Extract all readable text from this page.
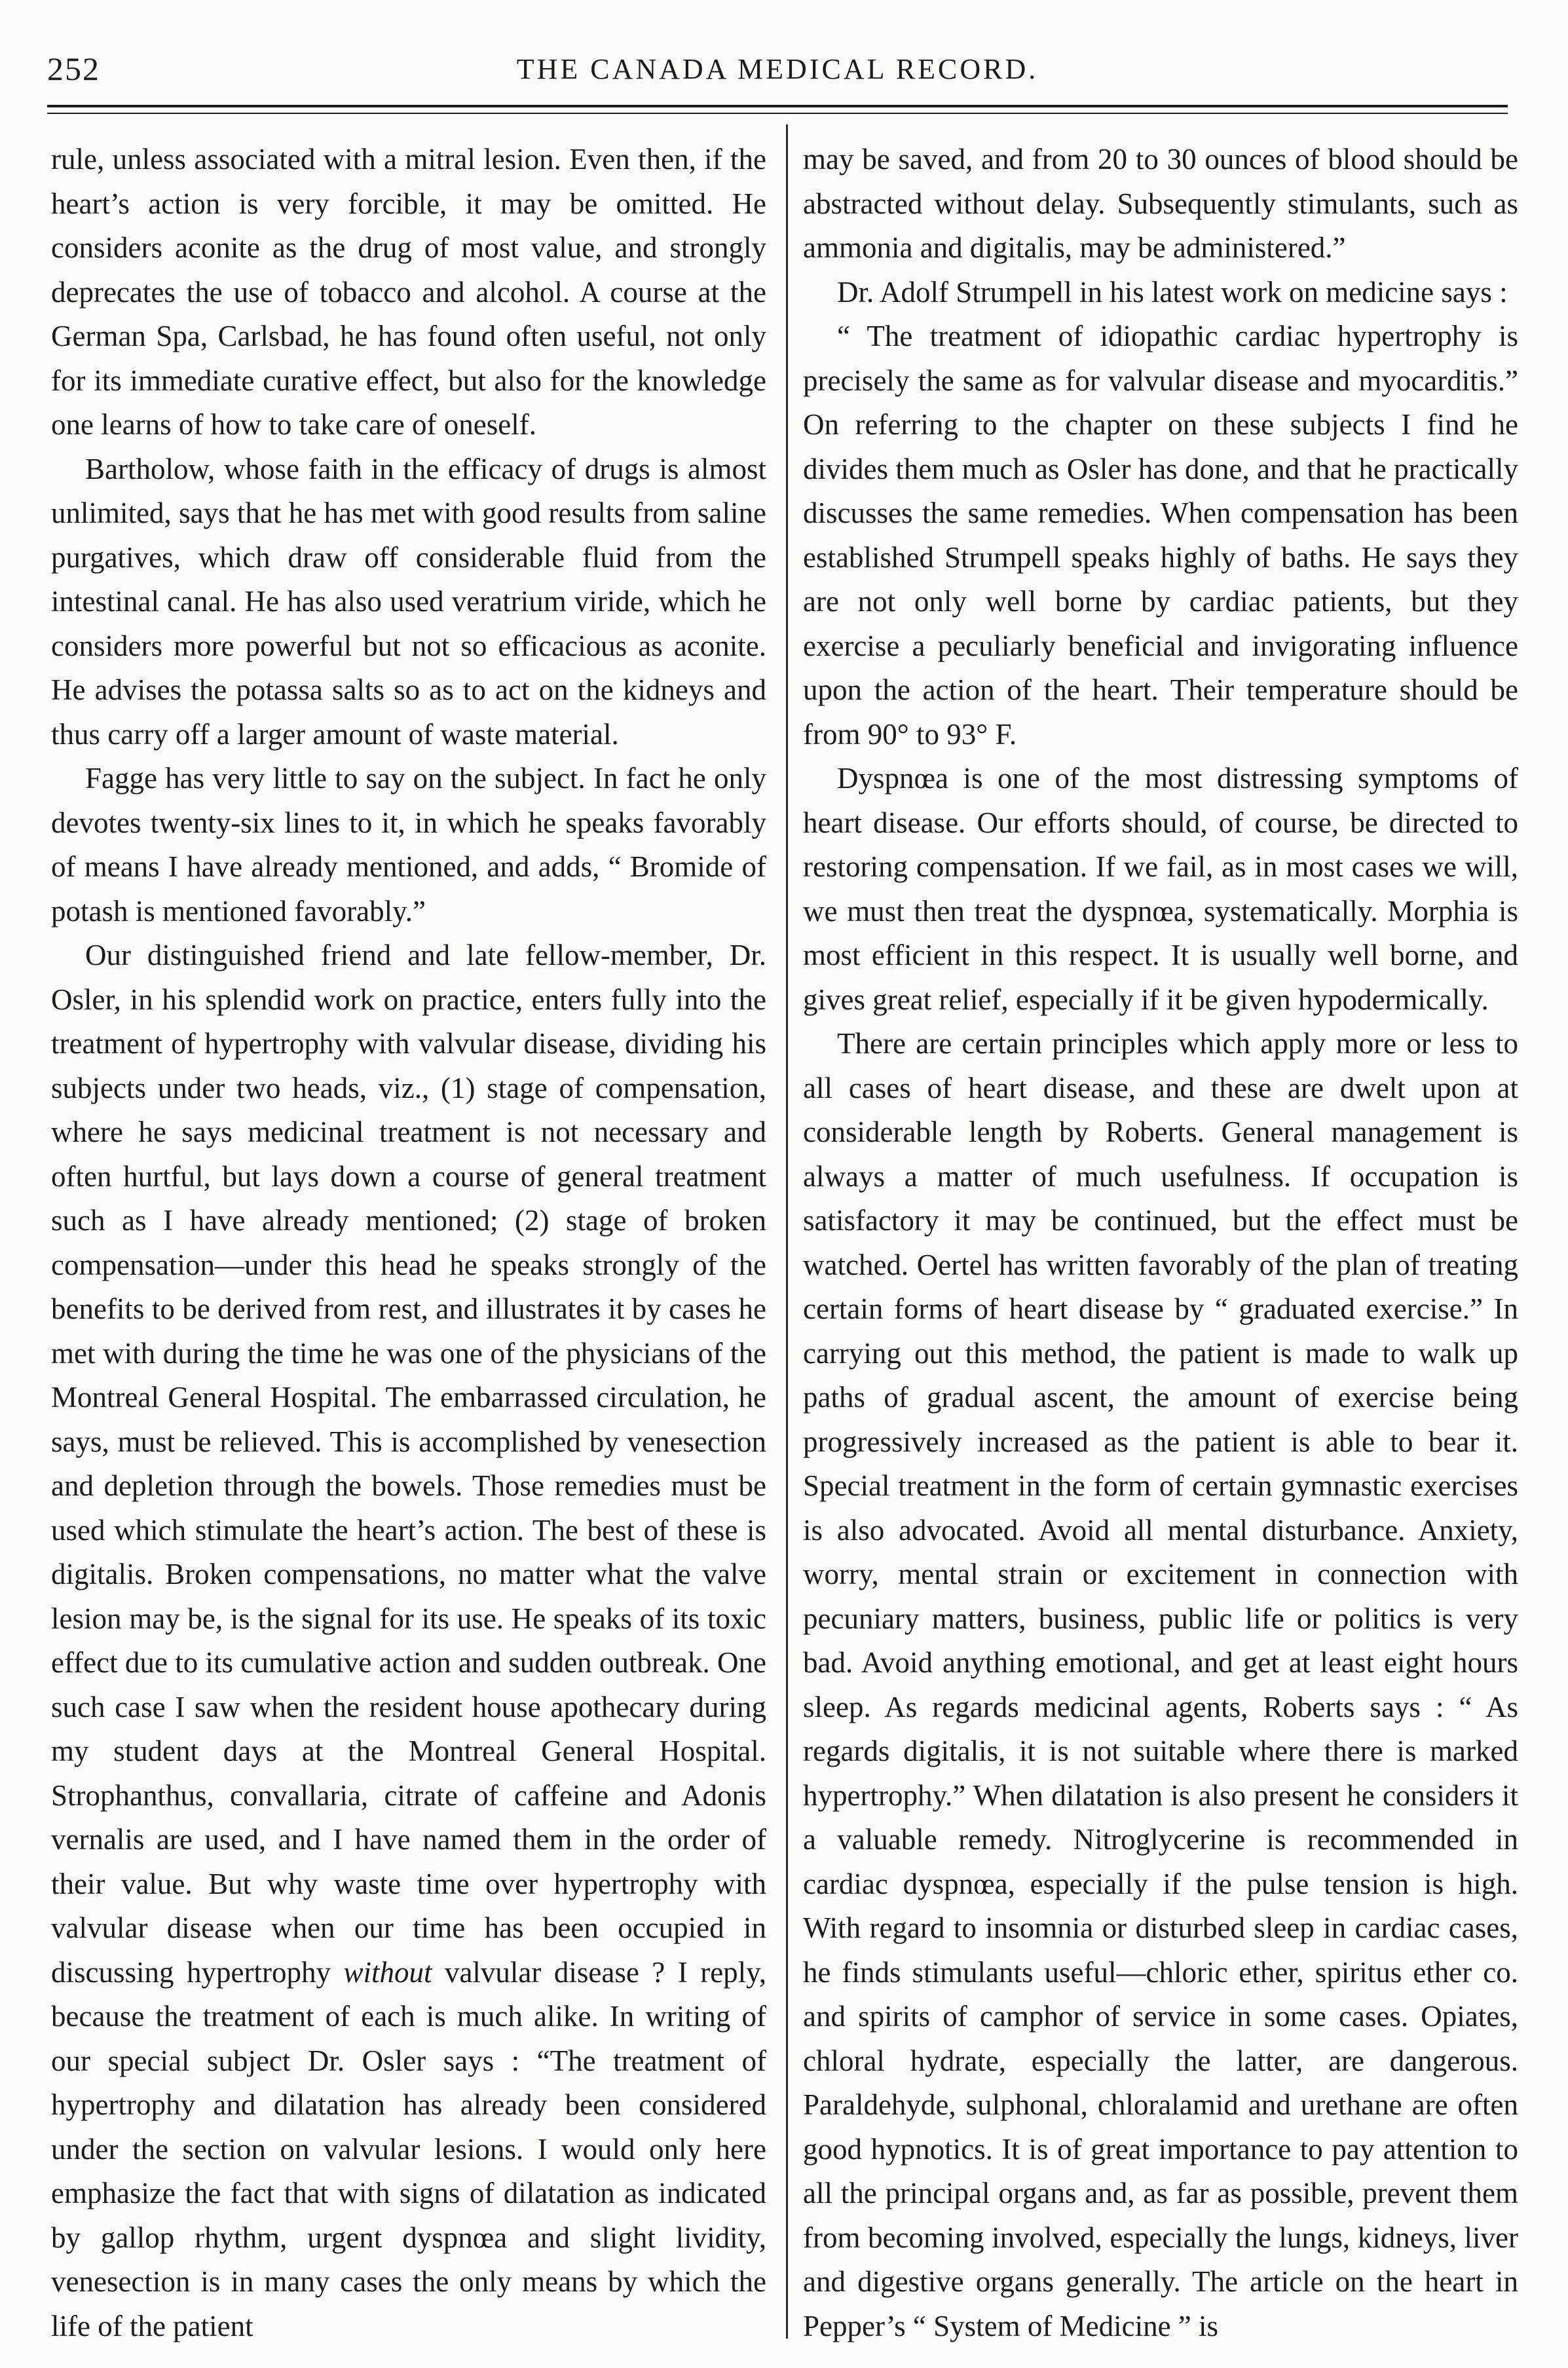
252	THE CANADA MEDICAL RECORD.

rule, unless associated with a mitral lesion. Even then, if the heart’s action is very forcible, it may be omitted. He considers aconite as the drug of most value, and strongly deprecates the use of tobacco and alcohol. A course at the German Spa, Carlsbad, he has found often useful, not only for its immediate curative effect, but also for the knowledge one learns of how to take care of oneself.

Bartholow, whose faith in the efficacy of drugs is almost unlimited, says that he has met with good results from saline purgatives, which draw off considerable fluid from the intestinal canal. He has also used veratrium viride, which he considers more powerful but not so efficacious as aconite. He advises the potassa salts so as to act on the kidneys and thus carry off a larger amount of waste material.

Fagge has very little to say on the subject. In fact he only devotes twenty-six lines to it, in which he speaks favorably of means I have already mentioned, and adds, “ Bromide of potash is mentioned favorably.”

Our distinguished friend and late fellow-member, Dr. Osler, in his splendid work on practice, enters fully into the treatment of hypertrophy with valvular disease, dividing his subjects under two heads, viz., (1) stage of compensation, where he says medicinal treatment is not necessary and often hurtful, but lays down a course of general treatment such as I have already mentioned; (2) stage of broken compensation—under this head he speaks strongly of the benefits to be derived from rest, and illustrates it by cases he met with during the time he was one of the physicians of the Montreal General Hospital. The embarrassed circulation, he says, must be relieved. This is accomplished by venesection and depletion through the bowels. Those remedies must be used which stimulate the heart’s action. The best of these is digitalis. Broken compensations, no matter what the valve lesion may be, is the signal for its use. He speaks of its toxic effect due to its cumulative action and sudden outbreak. One such case I saw when the resident house apothecary during my student days at the Montreal General Hospital. Strophanthus, convallaria, citrate of caffeine and Adonis vernalis are used, and I have named them in the order of their value. But why waste time over hypertrophy with valvular disease when our time has been occupied in discussing hypertrophy without valvular disease ? I reply, because the treatment of each is much alike. In writing of our special subject Dr. Osler says : “The treatment of hypertrophy and dilatation has already been considered under the section on valvular lesions. I would only here emphasize the fact that with signs of dilatation as indicated by gallop rhythm, urgent dyspnœa and slight lividity, venesection is in many cases the only means by which the life of the patient

may be saved, and from 20 to 30 ounces of blood should be abstracted without delay. Subsequently stimulants, such as ammonia and digitalis, may be administered.”

Dr. Adolf Strumpell in his latest work on medicine says :

“ The treatment of idiopathic cardiac hypertrophy is precisely the same as for valvular disease and myocarditis.” On referring to the chapter on these subjects I find he divides them much as Osler has done, and that he practically discusses the same remedies. When compensation has been established Strumpell speaks highly of baths. He says they are not only well borne by cardiac patients, but they exercise a peculiarly beneficial and invigorating influence upon the action of the heart. Their temperature should be from 90° to 93° F.

Dyspnœa is one of the most distressing symptoms of heart disease. Our efforts should, of course, be directed to restoring compensation. If we fail, as in most cases we will, we must then treat the dyspnœa, systematically. Morphia is most efficient in this respect. It is usually well borne, and gives great relief, especially if it be given hypodermically.

There are certain principles which apply more or less to all cases of heart disease, and these are dwelt upon at considerable length by Roberts. General management is always a matter of much usefulness. If occupation is satisfactory it may be continued, but the effect must be watched. Oertel has written favorably of the plan of treating certain forms of heart disease by “ graduated exercise.” In carrying out this method, the patient is made to walk up paths of gradual ascent, the amount of exercise being progressively increased as the patient is able to bear it. Special treatment in the form of certain gymnastic exercises is also advocated. Avoid all mental disturbance. Anxiety, worry, mental strain or excitement in connection with pecuniary matters, business, public life or politics is very bad. Avoid anything emotional, and get at least eight hours sleep. As regards medicinal agents, Roberts says : “ As regards digitalis, it is not suitable where there is marked hypertrophy.” When dilatation is also present he considers it a valuable remedy. Nitroglycerine is recommended in cardiac dyspnœa, especially if the pulse tension is high. With regard to insomnia or disturbed sleep in cardiac cases, he finds stimulants useful—chloric ether, spiritus ether co. and spirits of camphor of service in some cases. Opiates, chloral hydrate, especially the latter, are dangerous. Paraldehyde, sulphonal, chloralamid and urethane are often good hypnotics. It is of great importance to pay attention to all the principal organs and, as far as possible, prevent them from becoming involved, especially the lungs, kidneys, liver and digestive organs generally. The article on the heart in Pepper’s “ System of Medicine ” is
